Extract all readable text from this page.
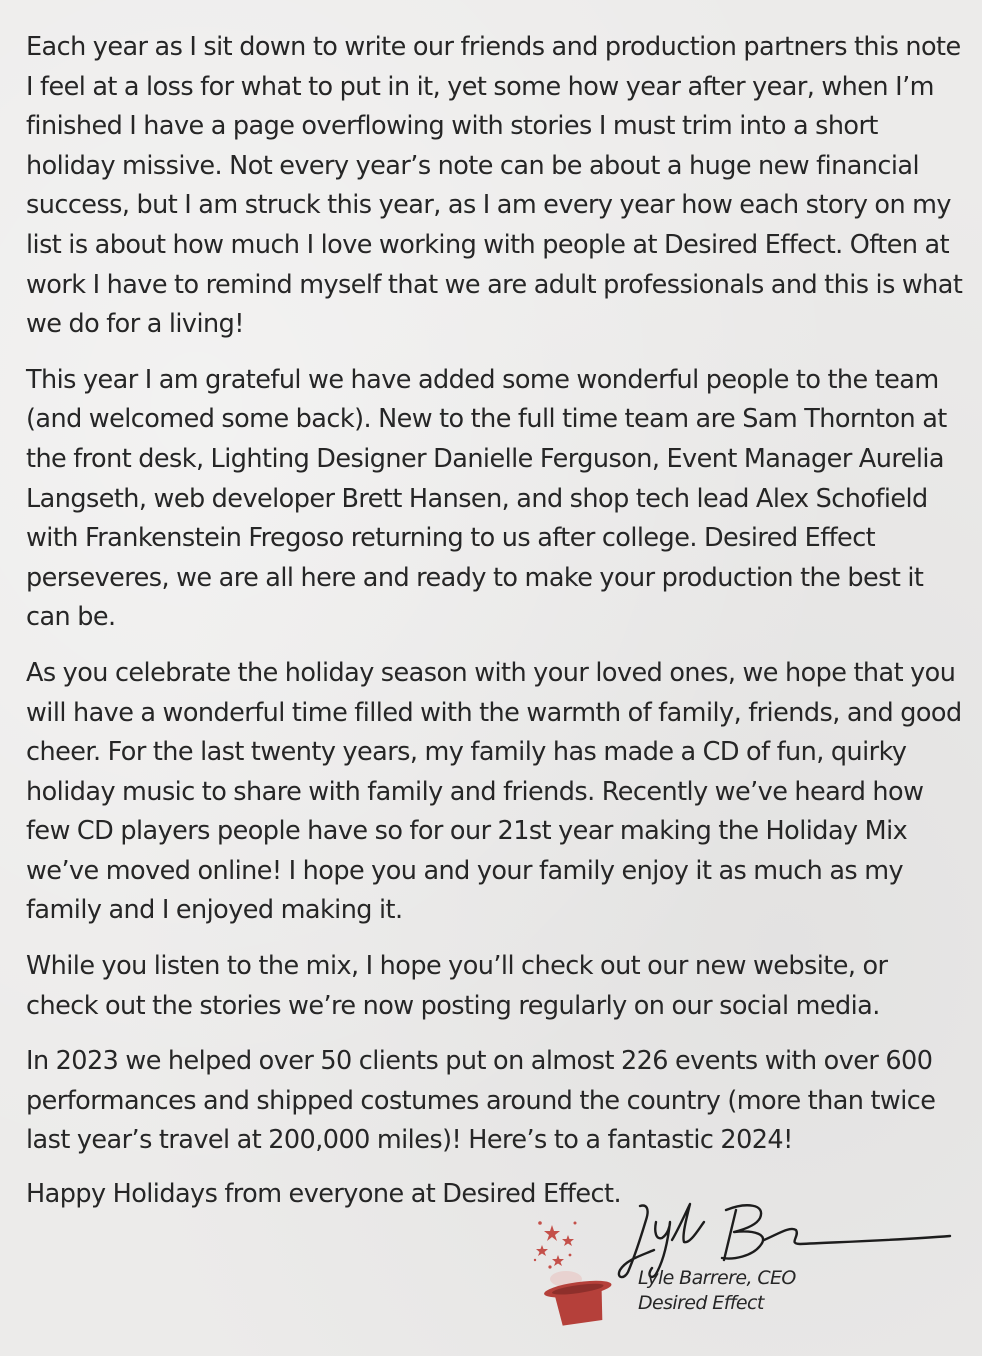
Each year as I sit down to write our friends and production partners this note I feel at a loss for what to put in it, yet some how year after year, when I’m finished I have a page overflowing with stories I must trim into a short holiday missive. Not every year’s note can be about a huge new financial success, but I am struck this year, as I am every year how each story on my list is about how much I love working with people at Desired Effect. Often at work I have to remind myself that we are adult professionals and this is what we do for a living!

This year I am grateful we have added some wonderful people to the team (and welcomed some back). New to the full time team are Sam Thornton at the front desk, Lighting Designer Danielle Ferguson, Event Manager Aurelia Langseth, web developer Brett Hansen, and shop tech lead Alex Schofield with Frankenstein Fregoso returning to us after college. Desired Effect perseveres, we are all here and ready to make your production the best it can be.

As you celebrate the holiday season with your loved ones, we hope that you will have a wonderful time filled with the warmth of family, friends, and good cheer. For the last twenty years, my family has made a CD of fun, quirky holiday music to share with family and friends. Recently we’ve heard how few CD players people have so for our 21st year making the Holiday Mix we’ve moved online! I hope you and your family enjoy it as much as my family and I enjoyed making it.

While you listen to the mix, I hope you’ll check out our new website, or check out the stories we’re now posting regularly on our social media.

In 2023 we helped over 50 clients put on almost 226 events with over 600 performances and shipped costumes around the country (more than twice last year’s travel at 200,000 miles)! Here’s to a fantastic 2024!

Happy Holidays from everyone at Desired Effect.

Lyle Barrere, CEO

Desired Effect
